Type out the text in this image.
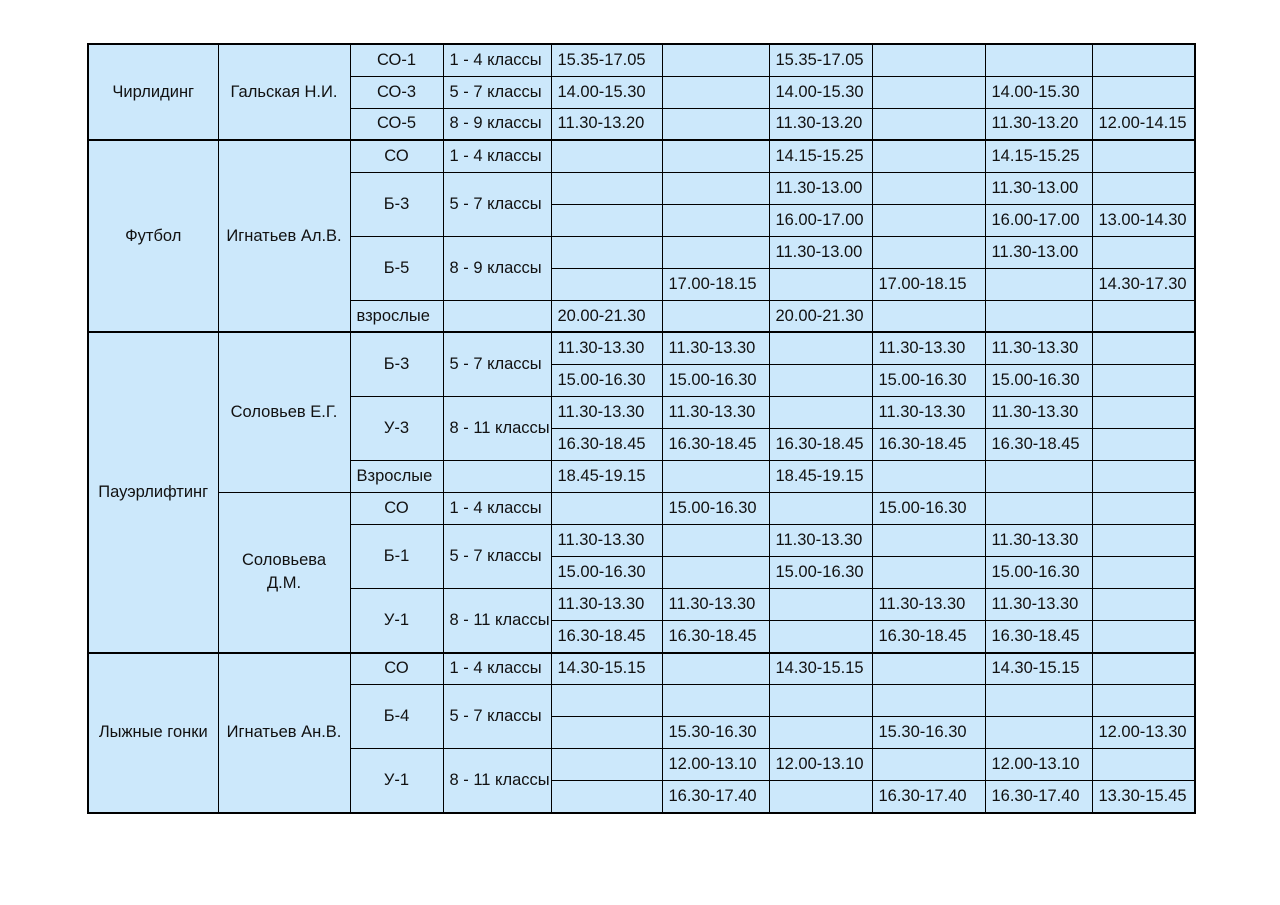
Чирлидинг	Гальская Н.И.	СО-1	1 - 4 классы	15.35-17.05		15.35-17.05			
		СО-3	5 - 7 классы	14.00-15.30		14.00-15.30		14.00-15.30	
		СО-5	8 - 9 классы	11.30-13.20		11.30-13.20		11.30-13.20	12.00-14.15
Футбол	Игнатьев Ал.В.	СО	1 - 4 классы			14.15-15.25		14.15-15.25	
		Б-3	5 - 7 классы			11.30-13.00		11.30-13.00	
						16.00-17.00		16.00-17.00	13.00-14.30
		Б-5	8 - 9 классы			11.30-13.00		11.30-13.00	
					17.00-18.15		17.00-18.15		14.30-17.30
		взрослые		20.00-21.30		20.00-21.30			
Пауэрлифтинг	Соловьев Е.Г.	Б-3	5 - 7 классы	11.30-13.30	11.30-13.30		11.30-13.30	11.30-13.30	
				15.00-16.30	15.00-16.30		15.00-16.30	15.00-16.30	
		У-3	8 - 11 классы	11.30-13.30	11.30-13.30		11.30-13.30	11.30-13.30	
				16.30-18.45	16.30-18.45	16.30-18.45	16.30-18.45	16.30-18.45	
		Взрослые		18.45-19.15		18.45-19.15			
	Соловьева Д.М.	СО	1 - 4 классы		15.00-16.30		15.00-16.30		
		Б-1	5 - 7 классы	11.30-13.30		11.30-13.30		11.30-13.30	
				15.00-16.30		15.00-16.30		15.00-16.30	
		У-1	8 - 11 классы	11.30-13.30	11.30-13.30		11.30-13.30	11.30-13.30	
				16.30-18.45	16.30-18.45		16.30-18.45	16.30-18.45	
Лыжные гонки	Игнатьев Ан.В.	СО	1 - 4 классы	14.30-15.15		14.30-15.15		14.30-15.15	
		Б-4	5 - 7 классы						
					15.30-16.30		15.30-16.30		12.00-13.30
		У-1	8 - 11 классы		12.00-13.10	12.00-13.10		12.00-13.10	
					16.30-17.40		16.30-17.40	16.30-17.40	13.30-15.45
